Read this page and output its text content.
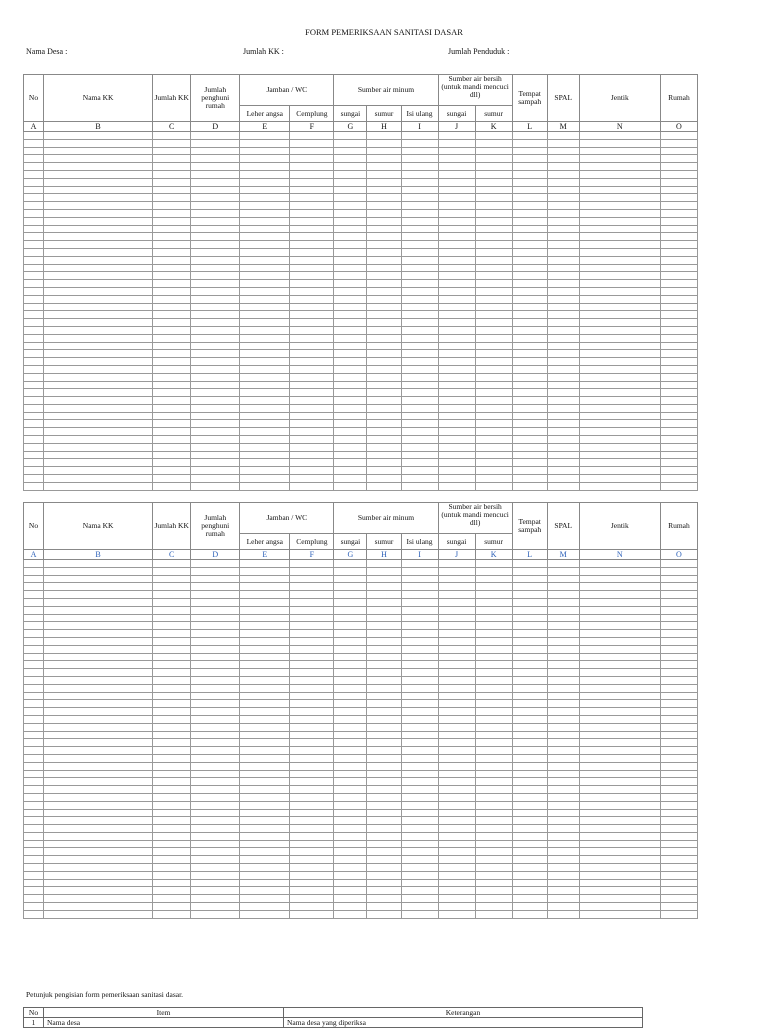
FORM PEMERIKSAAN SANITASI DASAR
Nama Desa :	Jumlah KK :	Jumlah Penduduk :
No	Nama KK	Jumlah KK	Jumlah penghuni rumah	Jamban / WC		Sumber air minum			Sumber air bersih (untuk mandi mencuci dll)		Tempat sampah	SPAL	Jentik	Rumah
				Leher angsa	Cemplung	sungai	sumur	Isi ulang	sungai	sumur				
A	B	C	D	E	F	G	H	I	J	K	L	M	N	O

No	Nama KK	Jumlah KK	Jumlah penghuni rumah	Jamban / WC		Sumber air minum			Sumber air bersih (untuk mandi mencuci dll)		Tempat sampah	SPAL	Jentik	Rumah
				Leher angsa	Cemplung	sungai	sumur	Isi ulang	sungai	sumur				
A	B	C	D	E	F	G	H	I	J	K	L	M	N	O

Petunjuk pengisian form pemeriksaan sanitasi dasar.
No	Item	Keterangan
1	Nama desa	Nama desa yang diperiksa
